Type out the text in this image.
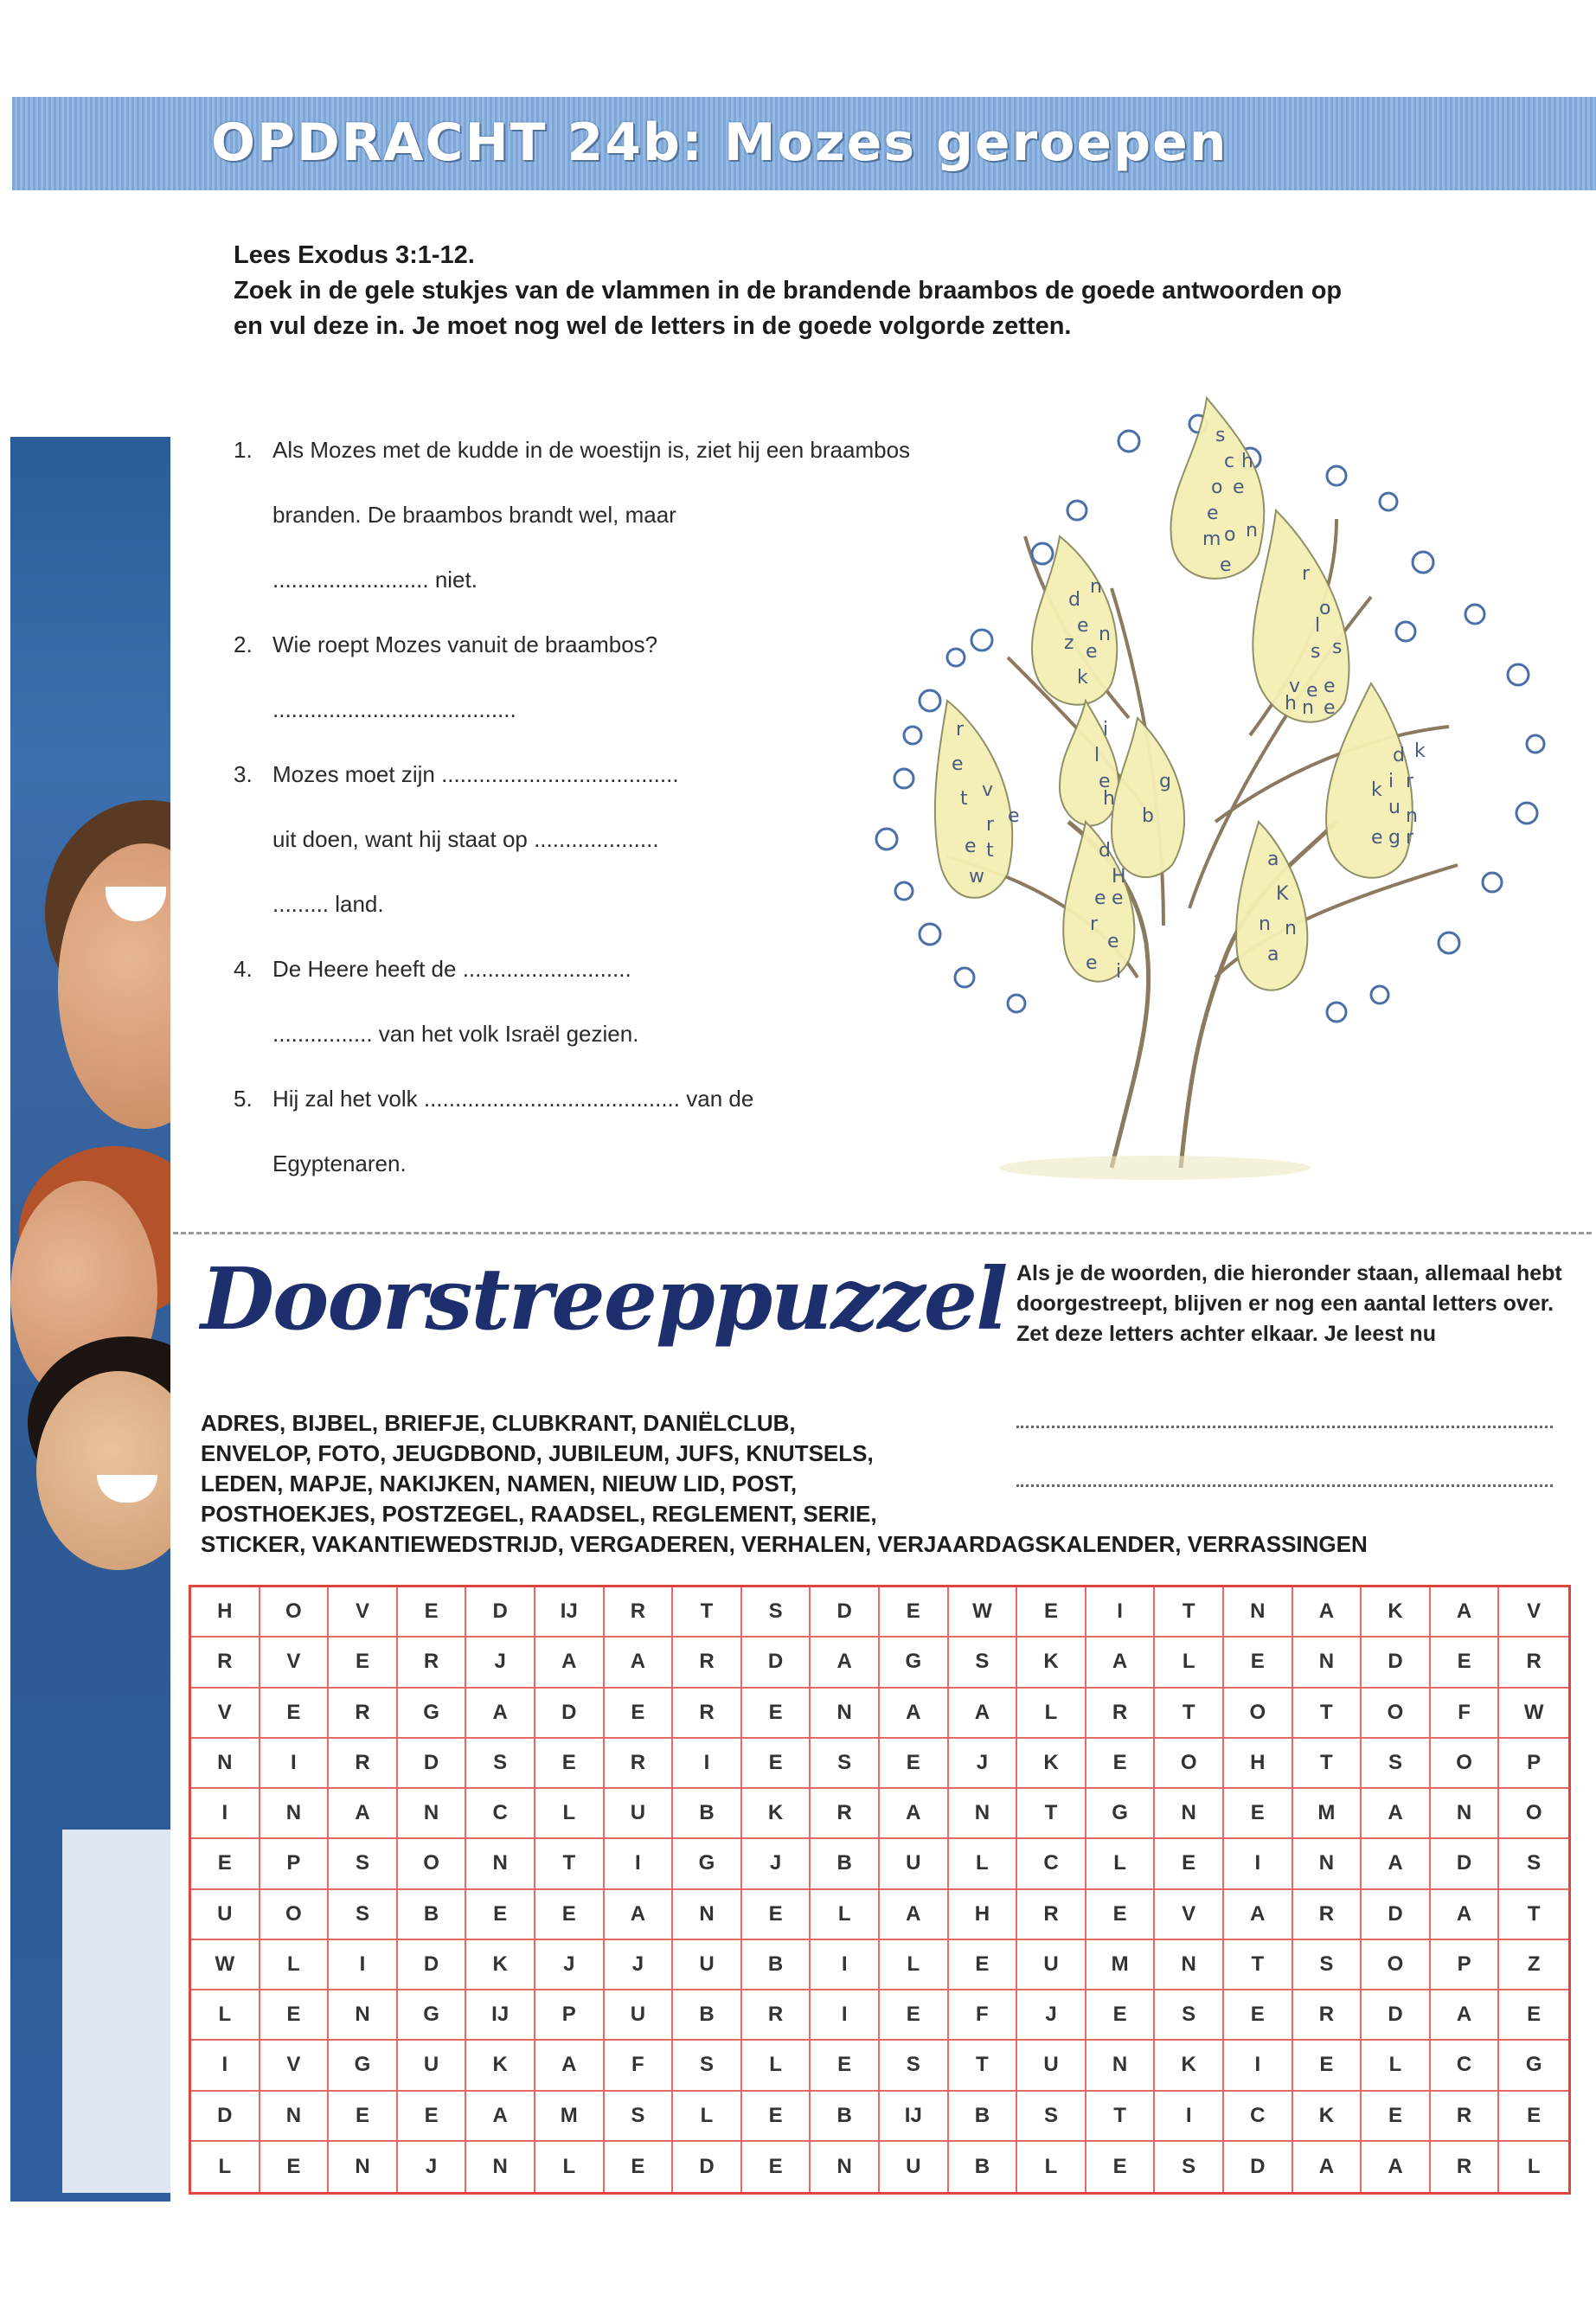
OPDRACHT 24b: Mozes geroepen
Lees Exodus 3:1-12.
Zoek in de gele stukjes van de vlammen in de brandende braambos de goede antwoorden op
en vul deze in. Je moet nog wel de letters in de goede volgorde zetten.
1. Als Mozes met de kudde in de woestijn is, ziet hij een braambos
branden. De braambos brandt wel, maar
......................... niet.
2. Wie roept Mozes vanuit de braambos?
.......................................
3. Mozes moet zijn ......................................
uit doen, want hij staat op ....................
......... land.
4. De Heere heeft de ...........................
................ van het volk Israël gezien.
5. Hij zal het volk ......................................... van de
Egyptenaren.
s
c h
o e
e
m o n
e
d
n
e
z e
n
k
r
o
l
s s
v e e
h n e
r
e
t v
e
r
e t
w
i
l
e
h
g
b
d k
k i r
u n
e g r
d
H
e e
r
e
e i
a
K
n n
a
Doorstreeppuzzel Als je de woorden, die hieronder staan, allemaal hebt doorgestreept, blijven er nog een aantal letters over. Zet deze letters achter elkaar. Je leest nu
ADRES, BIJBEL, BRIEFJE, CLUBKRANT, DANIËLCLUB,
ENVELOP, FOTO, JEUGDBOND, JUBILEUM, JUFS, KNUTSELS,
LEDEN, MAPJE, NAKIJKEN, NAMEN, NIEUW LID, POST,
POSTHOEKJES, POSTZEGEL, RAADSEL, REGLEMENT, SERIE,
STICKER, VAKANTIEWEDSTRIJD, VERGADEREN, VERHALEN, VERJAARDAGSKALENDER, VERRASSINGEN
H	O	V	E	D	IJ	R	T	S	D	E	W	E	I	T	N	A	K	A	V
R	V	E	R	J	A	A	R	D	A	G	S	K	A	L	E	N	D	E	R
V	E	R	G	A	D	E	R	E	N	A	A	L	R	T	O	T	O	F	W
N	I	R	D	S	E	R	I	E	S	E	J	K	E	O	H	T	S	O	P
I	N	A	N	C	L	U	B	K	R	A	N	T	G	N	E	M	A	N	O
E	P	S	O	N	T	I	G	J	B	U	L	C	L	E	I	N	A	D	S
U	O	S	B	E	E	A	N	E	L	A	H	R	E	V	A	R	D	A	T
W	L	I	D	K	J	J	U	B	I	L	E	U	M	N	T	S	O	P	Z
L	E	N	G	IJ	P	U	B	R	I	E	F	J	E	S	E	R	D	A	E
I	V	G	U	K	A	F	S	L	E	S	T	U	N	K	I	E	L	C	G
D	N	E	E	A	M	S	L	E	B	IJ	B	S	T	I	C	K	E	R	E
L	E	N	J	N	L	E	D	E	N	U	B	L	E	S	D	A	A	R	L
